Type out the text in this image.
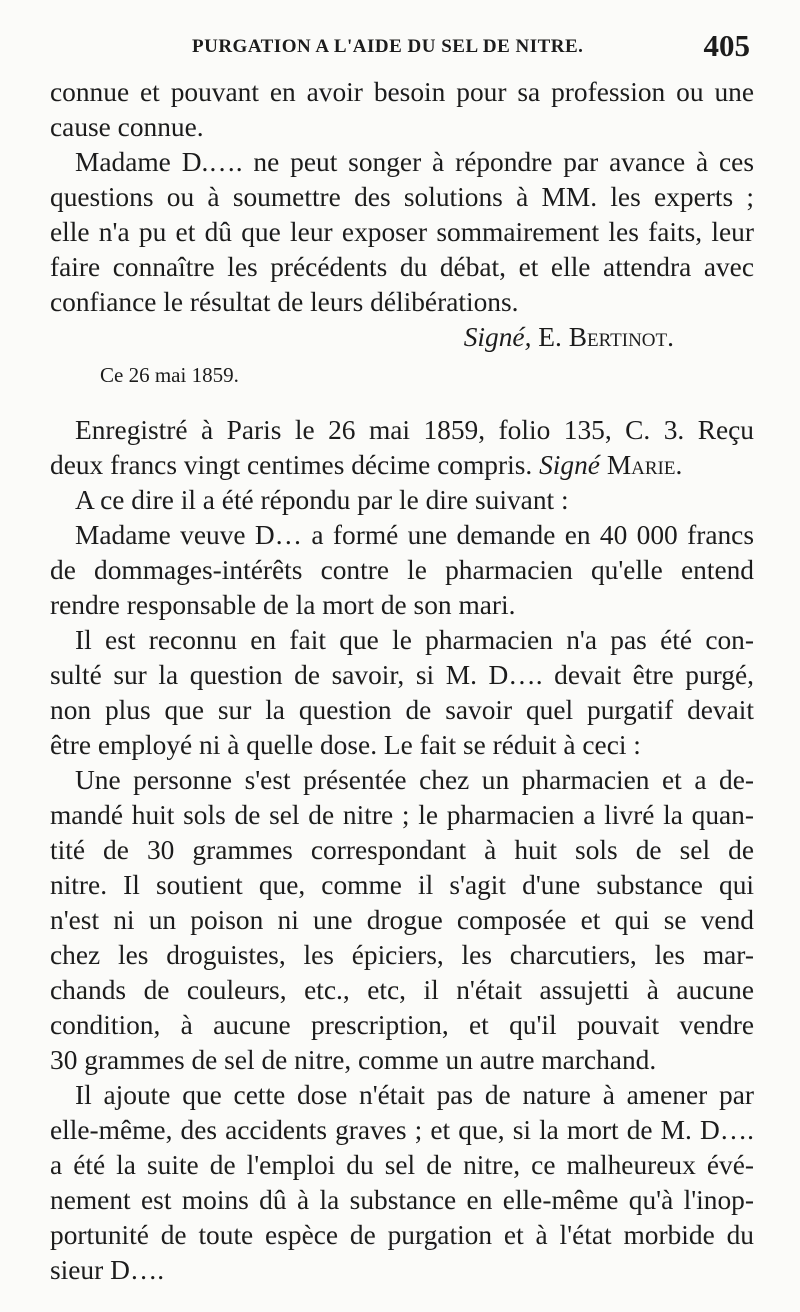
PURGATION A L'AIDE DU SEL DE NITRE.	405
connue et pouvant en avoir besoin pour sa profession ou une
cause connue.
Madame D.…. ne peut songer à répondre par avance à ces
questions ou à soumettre des solutions à MM. les experts ;
elle n'a pu et dû que leur exposer sommairement les faits, leur
faire connaître les précédents du débat, et elle attendra avec
confiance le résultat de leurs délibérations.
Signé, E. Bertinot.
Ce 26 mai 1859.
Enregistré à Paris le 26 mai 1859, folio 135, C. 3. Reçu
deux francs vingt centimes décime compris. Signé Marie.
A ce dire il a été répondu par le dire suivant :
Madame veuve D… a formé une demande en 40 000 francs
de dommages-intérêts contre le pharmacien qu'elle entend
rendre responsable de la mort de son mari.
Il est reconnu en fait que le pharmacien n'a pas été con-
sulté sur la question de savoir, si M. D…. devait être purgé,
non plus que sur la question de savoir quel purgatif devait
être employé ni à quelle dose. Le fait se réduit à ceci :
Une personne s'est présentée chez un pharmacien et a de-
mandé huit sols de sel de nitre ; le pharmacien a livré la quan-
tité de 30 grammes correspondant à huit sols de sel de
nitre. Il soutient que, comme il s'agit d'une substance qui
n'est ni un poison ni une drogue composée et qui se vend
chez les droguistes, les épiciers, les charcutiers, les mar-
chands de couleurs, etc., etc, il n'était assujetti à aucune
condition, à aucune prescription, et qu'il pouvait vendre
30 grammes de sel de nitre, comme un autre marchand.
Il ajoute que cette dose n'était pas de nature à amener par
elle-même, des accidents graves ; et que, si la mort de M. D….
a été la suite de l'emploi du sel de nitre, ce malheureux évé-
nement est moins dû à la substance en elle-même qu'à l'inop-
portunité de toute espèce de purgation et à l'état morbide du
sieur D….
